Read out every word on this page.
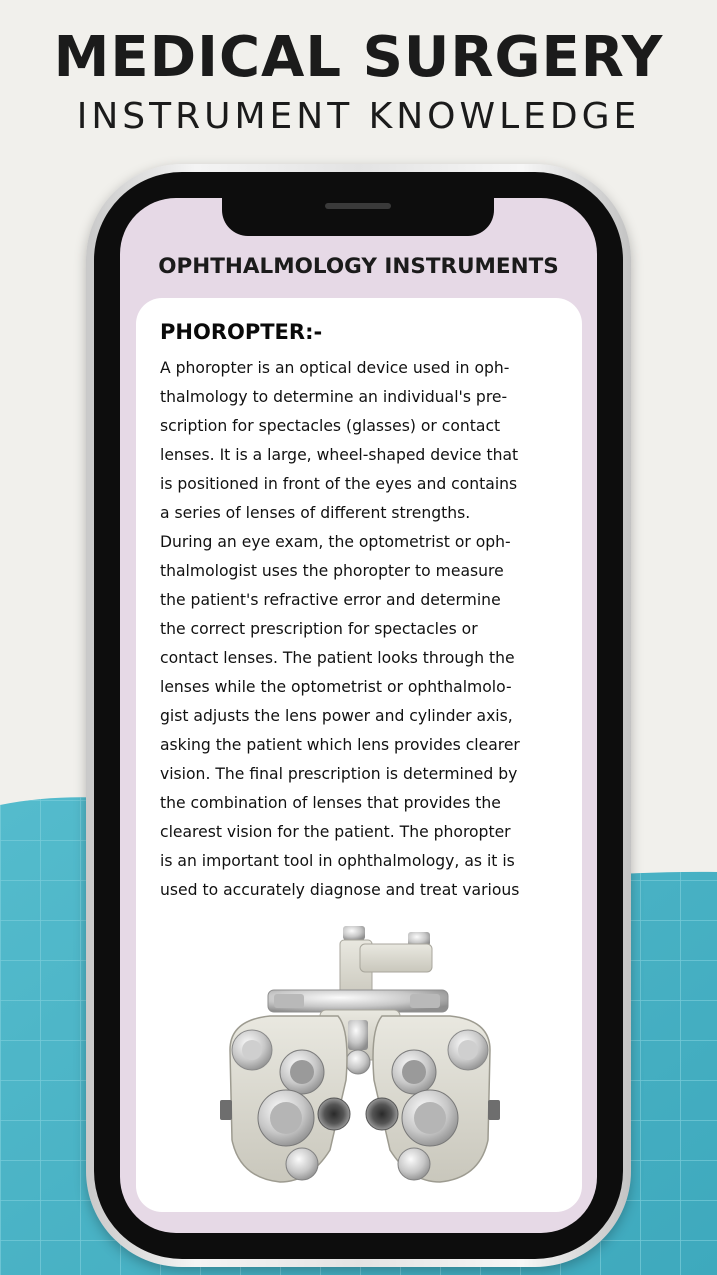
MEDICAL SURGERY
INSTRUMENT KNOWLEDGE
OPHTHALMOLOGY INSTRUMENTS
PHOROPTER:-
A phoropter is an optical device used in oph-
thalmology to determine an individual's pre-
scription for spectacles (glasses) or contact
lenses. It is a large, wheel-shaped device that
is positioned in front of the eyes and contains
a series of lenses of different strengths.
During an eye exam, the optometrist or oph-
thalmologist uses the phoropter to measure
the patient's refractive error and determine
the correct prescription for spectacles or
contact lenses. The patient looks through the
lenses while the optometrist or ophthalmolo-
gist adjusts the lens power and cylinder axis,
asking the patient which lens provides clearer
vision. The final prescription is determined by
the combination of lenses that provides the
clearest vision for the patient. The phoropter
is an important tool in ophthalmology, as it is
used to accurately diagnose and treat various
